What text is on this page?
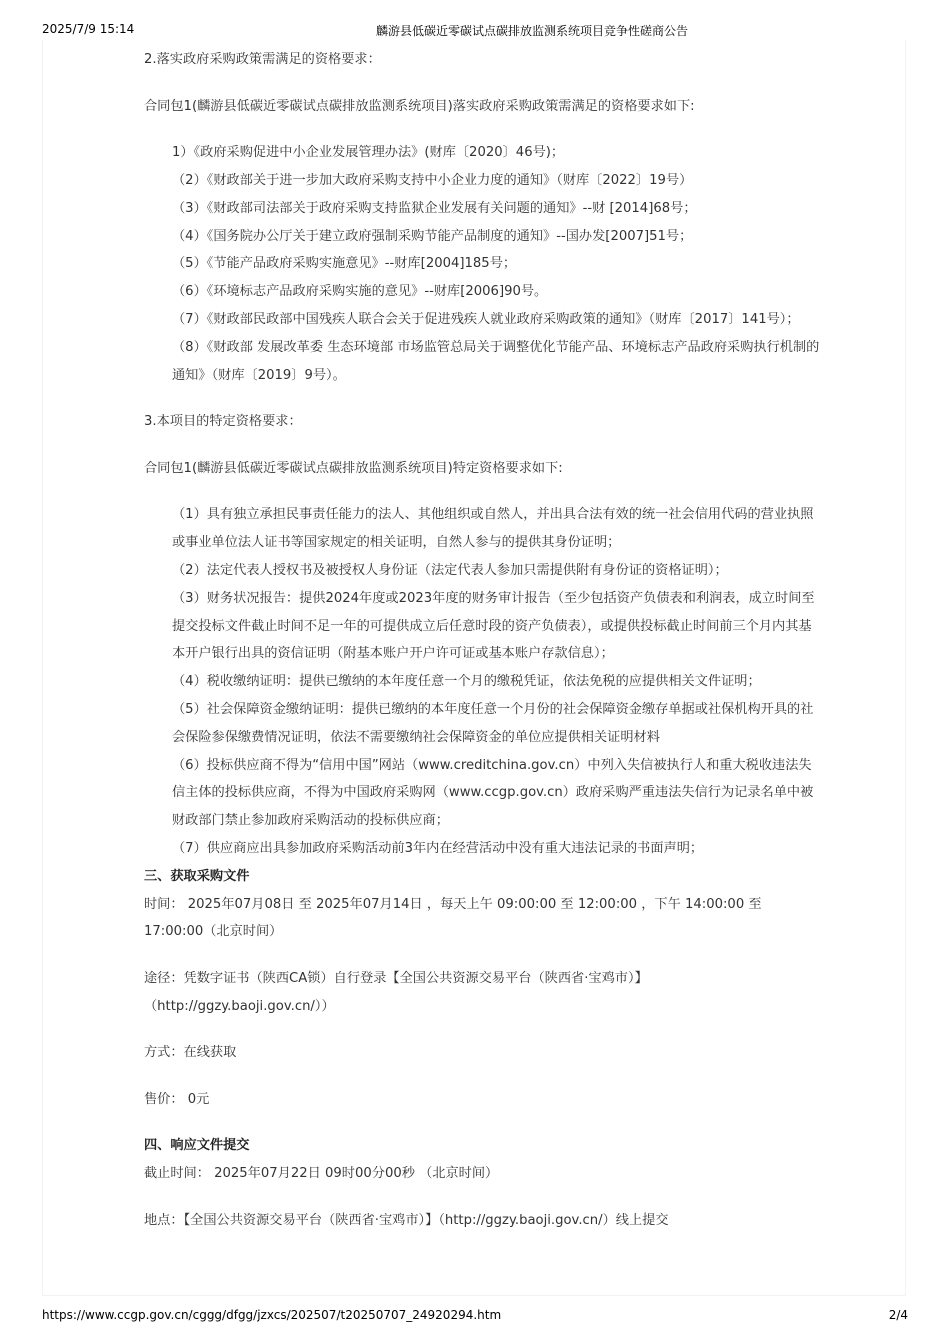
2025/7/9 15:14	麟游县低碳近零碳试点碳排放监测系统项目竞争性磋商公告

2.落实政府采购政策需满足的资格要求：

合同包1(麟游县低碳近零碳试点碳排放监测系统项目)落实政府采购政策需满足的资格要求如下:

1）《政府采购促进中小企业发展管理办法》(财库〔2020〕46号)；

（2）《财政部关于进一步加大政府采购支持中小企业力度的通知》（财库〔2022〕19号）

（3）《财政部司法部关于政府采购支持监狱企业发展有关问题的通知》--财 [2014]68号；

（4）《国务院办公厅关于建立政府强制采购节能产品制度的通知》--国办发[2007]51号；

（5）《节能产品政府采购实施意见》--财库[2004]185号；

（6）《环境标志产品政府采购实施的意见》--财库[2006]90号。

（7）《财政部民政部中国残疾人联合会关于促进残疾人就业政府采购政策的通知》（财库〔2017〕141号）；

（8）《财政部 发展改革委 生态环境部 市场监管总局关于调整优化节能产品、环境标志产品政府采购执行机制的通知》（财库〔2019〕9号）。

3.本项目的特定资格要求：

合同包1(麟游县低碳近零碳试点碳排放监测系统项目)特定资格要求如下:

（1）具有独立承担民事责任能力的法人、其他组织或自然人，并出具合法有效的统一社会信用代码的营业执照或事业单位法人证书等国家规定的相关证明，自然人参与的提供其身份证明；

（2）法定代表人授权书及被授权人身份证（法定代表人参加只需提供附有身份证的资格证明）；

（3）财务状况报告：提供2024年度或2023年度的财务审计报告（至少包括资产负债表和利润表，成立时间至提交投标文件截止时间不足一年的可提供成立后任意时段的资产负债表），或提供投标截止时间前三个月内其基本开户银行出具的资信证明（附基本账户开户许可证或基本账户存款信息）；

（4）税收缴纳证明：提供已缴纳的本年度任意一个月的缴税凭证，依法免税的应提供相关文件证明；

（5）社会保障资金缴纳证明：提供已缴纳的本年度任意一个月份的社会保障资金缴存单据或社保机构开具的社会保险参保缴费情况证明，依法不需要缴纳社会保障资金的单位应提供相关证明材料

（6）投标供应商不得为“信用中国”网站（www.creditchina.gov.cn）中列入失信被执行人和重大税收违法失信主体的投标供应商，不得为中国政府采购网（www.ccgp.gov.cn）政府采购严重违法失信行为记录名单中被财政部门禁止参加政府采购活动的投标供应商；

（7）供应商应出具参加政府采购活动前3年内在经营活动中没有重大违法记录的书面声明；

三、获取采购文件

时间： 2025年07月08日 至 2025年07月14日 ，每天上午 09:00:00 至 12:00:00 ，下午 14:00:00 至 17:00:00（北京时间）

途径：凭数字证书（陕西CA锁）自行登录【全国公共资源交易平台（陕西省·宝鸡市）】（http://ggzy.baoji.gov.cn/））

方式：在线获取

售价： 0元

四、响应文件提交

截止时间： 2025年07月22日 09时00分00秒 （北京时间）

地点：【全国公共资源交易平台（陕西省·宝鸡市）】（http://ggzy.baoji.gov.cn/）线上提交

https://www.ccgp.gov.cn/cggg/dfgg/jzxcs/202507/t20250707_24920294.htm	2/4
